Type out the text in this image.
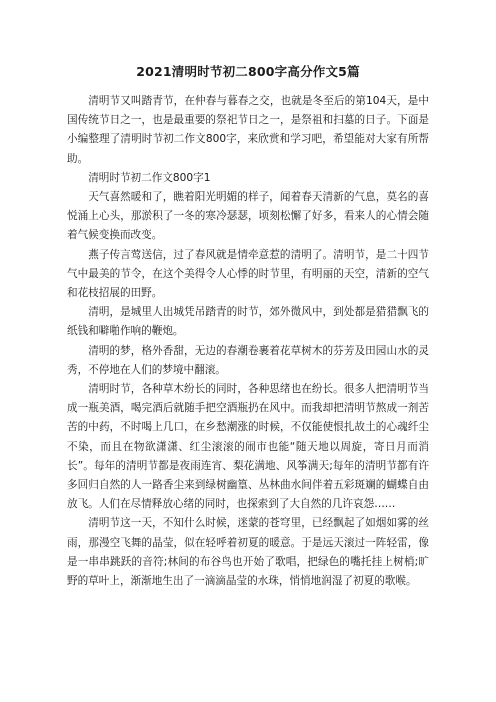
2021清明时节初二800字高分作文5篇

清明节又叫踏青节，在仲春与暮春之交，也就是冬至后的第104天，是中国传统节日之一，也是最重要的祭祀节日之一，是祭祖和扫墓的日子。下面是小编整理了清明时节初二作文800字，来欣赏和学习吧，希望能对大家有所帮助。

清明时节初二作文800字1

天气喜然暖和了，瞧着阳光明媚的样子，闻着春天清新的气息，莫名的喜悦涌上心头，那淤积了一冬的寒冷瑟瑟，顷刻松懈了好多，看来人的心情会随着气候变换而改变。

燕子传言莺送信，过了春风就是情牵意惹的清明了。清明节，是二十四节气中最美的节令，在这个美得令人心悸的时节里，有明丽的天空，清新的空气和花枝招展的田野。

清明，是城里人出城凭吊踏青的时节，郊外微风中，到处都是猎猎飘飞的纸钱和噼啪作响的鞭炮。

清明的梦，格外香甜，无边的春潮卷裹着花草树木的芬芳及田园山水的灵秀，不停地在人们的梦境中翻滚。

清明时节，各种草木纷长的同时，各种思绪也在纷长。很多人把清明节当成一瓶美酒，喝完酒后就随手把空酒瓶扔在风中。而我却把清明节熬成一剂苦苦的中药，不时喝上几口，在乡愁潮涨的时候，不仅能使恨扎故土的心魂纤尘不染，而且在物欲潇潇、红尘滚滚的闹市也能“随天地以周旋，寄日月而消长”。每年的清明节都是夜雨连宵、梨花满地、风筝满天;每年的清明节都有许多回归自然的人一路香尘来到绿树幽篁、丛林曲水间伴着五彩斑斓的蝴蝶自由放飞。人们在尽情释放心绪的同时，也探索到了大自然的几许哀怨……

清明节这一天，不知什么时候，迷蒙的苍穹里，已经飘起了如烟如雾的丝雨，那漫空飞舞的晶莹，似在轻呼着初夏的暖意。于是远天滚过一阵轻雷，像是一串串跳跃的音符;林间的布谷鸟也开始了歌唱，把绿色的嘴托挂上树梢;旷野的草叶上，渐渐地生出了一滴滴晶莹的水珠，悄悄地润湿了初夏的歌喉。
